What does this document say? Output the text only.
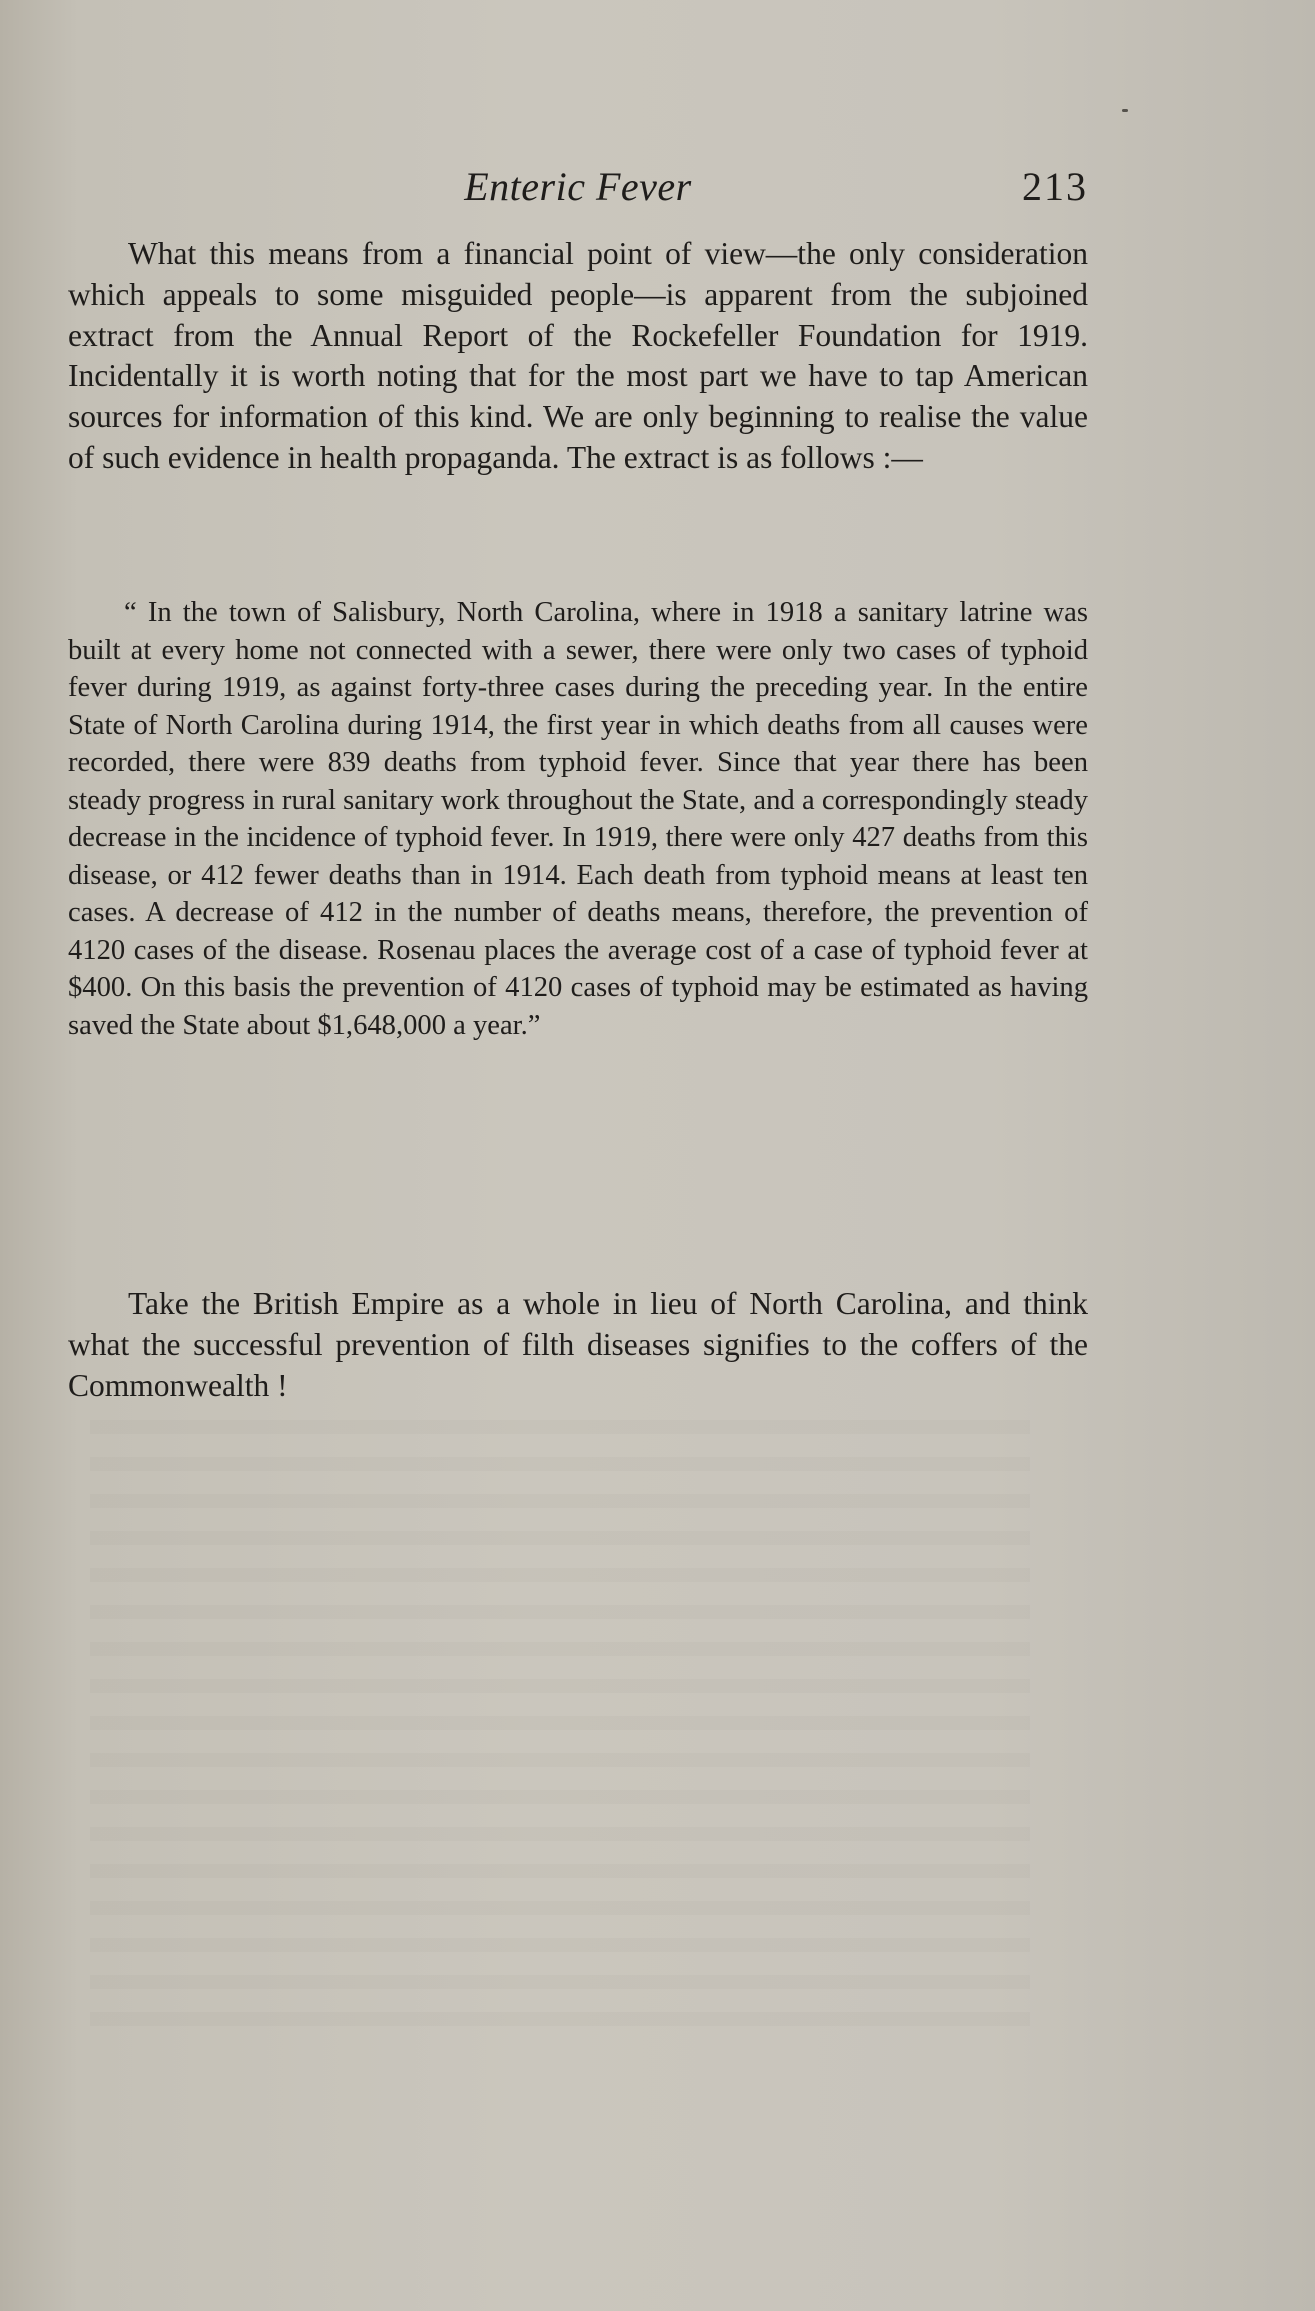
Enteric Fever	213

What this means from a financial point of view—the only consideration which appeals to some misguided people—is apparent from the subjoined extract from the Annual Report of the Rockefeller Foundation for 1919. Incidentally it is worth noting that for the most part we have to tap American sources for information of this kind. We are only beginning to realise the value of such evidence in health propaganda. The extract is as follows :—

“ In the town of Salisbury, North Carolina, where in 1918 a sanitary latrine was built at every home not connected with a sewer, there were only two cases of typhoid fever during 1919, as against forty-three cases during the preceding year. In the entire State of North Carolina during 1914, the first year in which deaths from all causes were recorded, there were 839 deaths from typhoid fever. Since that year there has been steady progress in rural sanitary work throughout the State, and a correspondingly steady decrease in the incidence of typhoid fever. In 1919, there were only 427 deaths from this disease, or 412 fewer deaths than in 1914. Each death from typhoid means at least ten cases. A decrease of 412 in the number of deaths means, therefore, the prevention of 4120 cases of the disease. Rosenau places the average cost of a case of typhoid fever at $400. On this basis the prevention of 4120 cases of typhoid may be estimated as having saved the State about $1,648,000 a year.”

Take the British Empire as a whole in lieu of North Carolina, and think what the successful prevention of filth diseases signifies to the coffers of the Commonwealth !
